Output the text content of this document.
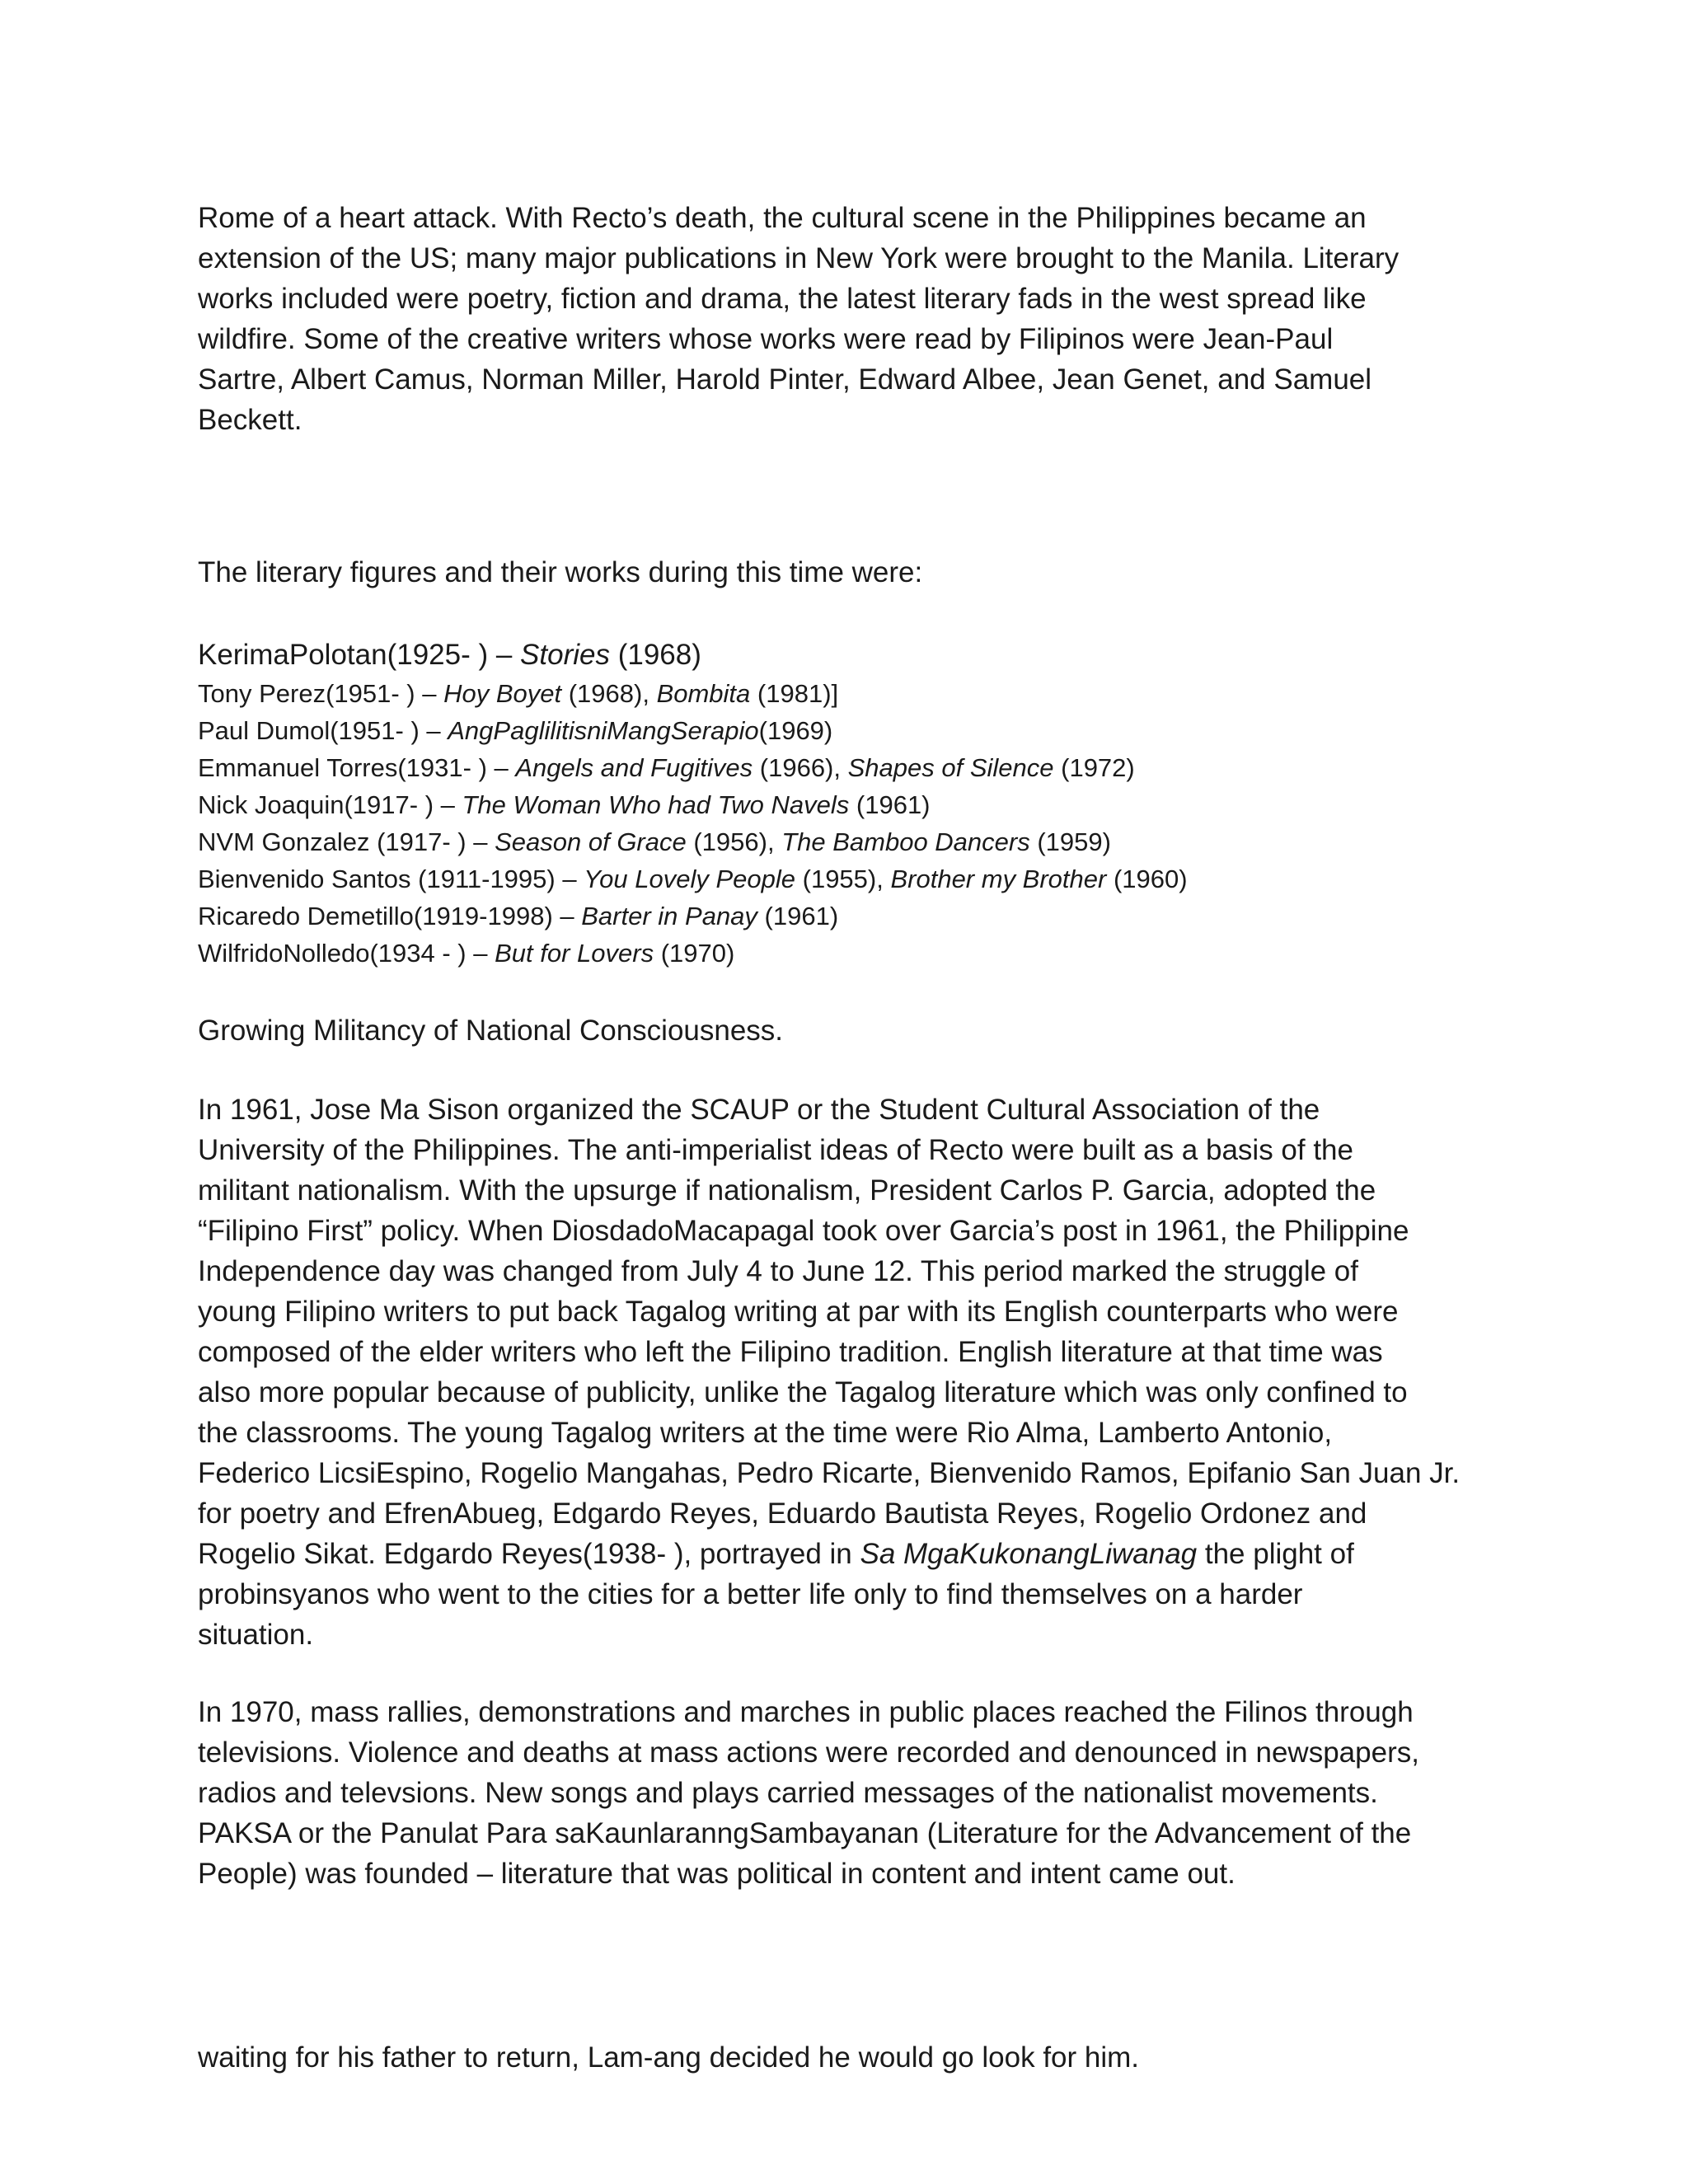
Rome of a heart attack. With Recto’s death, the cultural scene in the Philippines became an
extension of the US; many major publications in New York were brought to the Manila. Literary
works included were poetry, fiction and drama, the latest literary fads in the west spread like
wildfire. Some of the creative writers whose works were read by Filipinos were Jean-Paul
Sartre, Albert Camus, Norman Miller, Harold Pinter, Edward Albee, Jean Genet, and Samuel
Beckett.

The literary figures and their works during this time were:

KerimaPolotan(1925- ) – Stories (1968)
Tony Perez(1951- ) – Hoy Boyet (1968), Bombita (1981)]
Paul Dumol(1951- ) – AngPaglilitisniMangSerapio(1969)
Emmanuel Torres(1931- ) – Angels and Fugitives (1966), Shapes of Silence (1972)
Nick Joaquin(1917- ) – The Woman Who had Two Navels (1961)
NVM Gonzalez (1917- ) – Season of Grace (1956), The Bamboo Dancers (1959)
Bienvenido Santos (1911-1995) – You Lovely People (1955), Brother my Brother (1960)
Ricaredo Demetillo(1919-1998) – Barter in Panay (1961)
WilfridoNolledo(1934 - ) – But for Lovers (1970)

Growing Militancy of National Consciousness.

In 1961, Jose Ma Sison organized the SCAUP or the Student Cultural Association of the
University of the Philippines. The anti-imperialist ideas of Recto were built as a basis of the
militant nationalism. With the upsurge if nationalism, President Carlos P. Garcia, adopted the
“Filipino First” policy. When DiosdadoMacapagal took over Garcia’s post in 1961, the Philippine
Independence day was changed from July 4 to June 12. This period marked the struggle of
young Filipino writers to put back Tagalog writing at par with its English counterparts who were
composed of the elder writers who left the Filipino tradition. English literature at that time was
also more popular because of publicity, unlike the Tagalog literature which was only confined to
the classrooms. The young Tagalog writers at the time were Rio Alma, Lamberto Antonio,
Federico LicsiEspino, Rogelio Mangahas, Pedro Ricarte, Bienvenido Ramos, Epifanio San Juan Jr.
for poetry and EfrenAbueg, Edgardo Reyes, Eduardo Bautista Reyes, Rogelio Ordonez and
Rogelio Sikat. Edgardo Reyes(1938- ), portrayed in Sa MgaKukonangLiwanag the plight of
probinsyanos who went to the cities for a better life only to find themselves on a harder
situation.
In 1970, mass rallies, demonstrations and marches in public places reached the Filinos through
televisions. Violence and deaths at mass actions were recorded and denounced in newspapers,
radios and televsions. New songs and plays carried messages of the nationalist movements.
PAKSA or the Panulat Para saKaunlaranngSambayanan (Literature for the Advancement of the
People) was founded – literature that was political in content and intent came out.

waiting for his father to return, Lam-ang decided he would go look for him.
